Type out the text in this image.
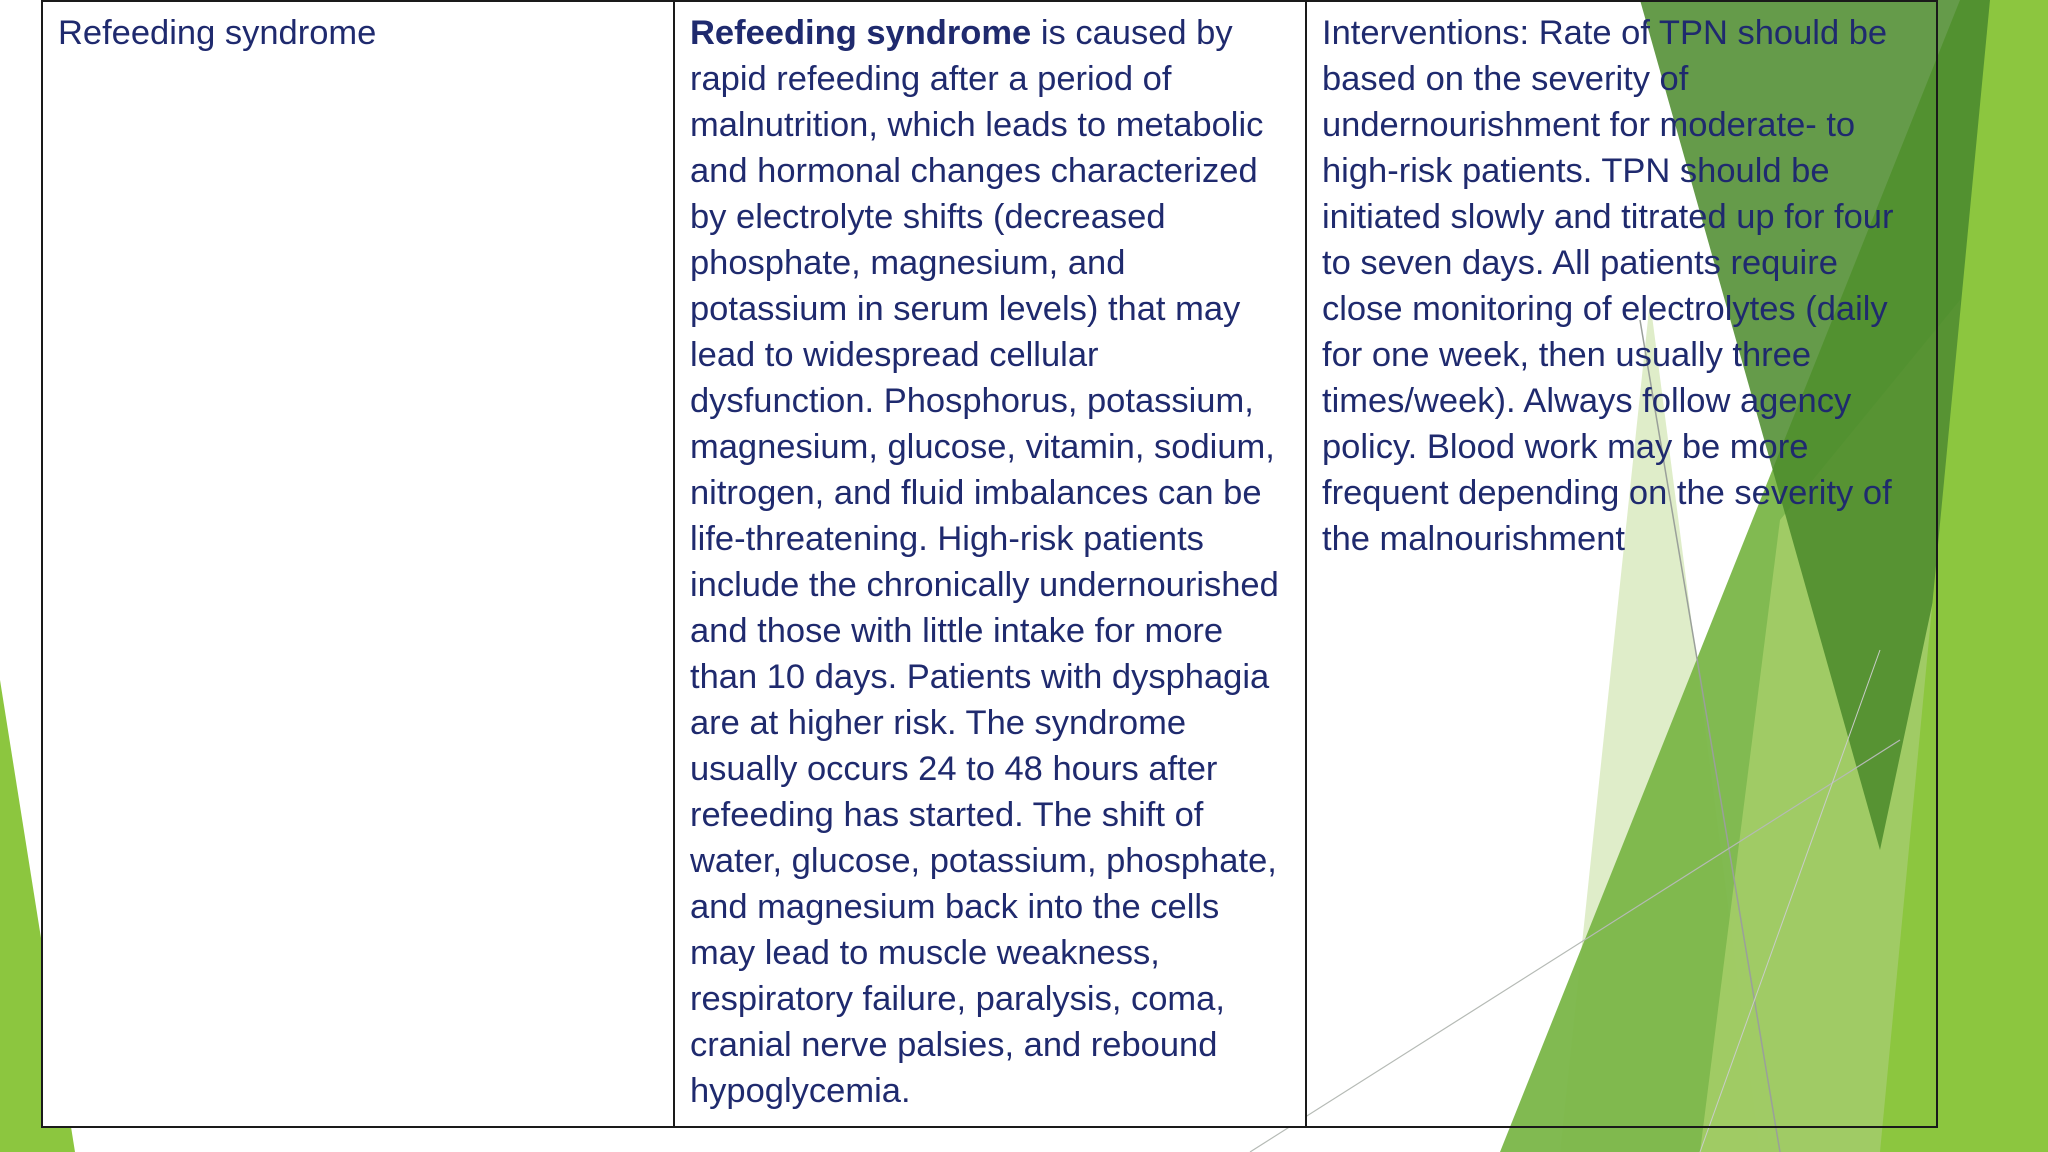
Refeeding syndrome	Refeeding syndrome is caused by rapid refeeding after a period of malnutrition, which leads to metabolic and hormonal changes characterized by electrolyte shifts (decreased phosphate, magnesium, and potassium in serum levels) that may lead to widespread cellular dysfunction. Phosphorus, potassium, magnesium, glucose, vitamin, sodium, nitrogen, and fluid imbalances can be life-threatening. High-risk patients include the chronically undernourished and those with little intake for more than 10 days. Patients with dysphagia are at higher risk. The syndrome usually occurs 24 to 48 hours after refeeding has started. The shift of water, glucose, potassium, phosphate, and magnesium back into the cells may lead to muscle weakness, respiratory failure, paralysis, coma, cranial nerve palsies, and rebound hypoglycemia.
Interventions: Rate of TPN should be based on the severity of undernourishment for moderate- to high-risk patients. TPN should be initiated slowly and titrated up for four to seven days. All patients require close monitoring of electrolytes (daily for one week, then usually three times/week). Always follow agency policy. Blood work may be more frequent depending on the severity of the malnourishment
